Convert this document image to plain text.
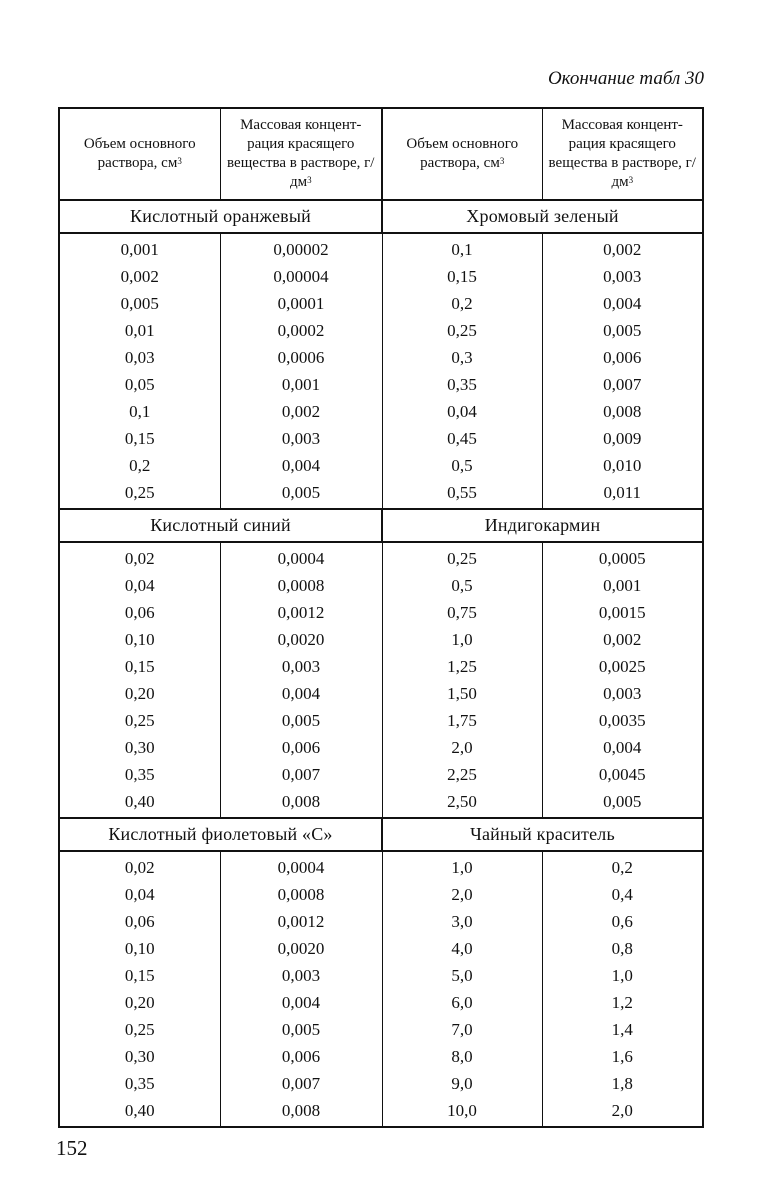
Окончание табл 30
Объем основного раствора, $см^3$	Массовая концент-рация красящего вещества в растворе, $г/дм^3$	Объем основного раствора, $см^3$	Массовая концент-рация красящего вещества в растворе, $г/дм^3$
Кислотный оранжевый		Хромовый зеленый	
0,001	0,00002	0,1	0,002
0,002	0,00004	0,15	0,003
0,005	0,0001	0,2	0,004
0,01	0,0002	0,25	0,005
0,03	0,0006	0,3	0,006
0,05	0,001	0,35	0,007
0,1	0,002	0,04	0,008
0,15	0,003	0,45	0,009
0,2	0,004	0,5	0,010
0,25	0,005	0,55	0,011
Кислотный синий		Индигокармин	
0,02	0,0004	0,25	0,0005
0,04	0,0008	0,5	0,001
0,06	0,0012	0,75	0,0015
0,10	0,0020	1,0	0,002
0,15	0,003	1,25	0,0025
0,20	0,004	1,50	0,003
0,25	0,005	1,75	0,0035
0,30	0,006	2,0	0,004
0,35	0,007	2,25	0,0045
0,40	0,008	2,50	0,005
Кислотный фиолетовый «С»		Чайный краситель	
0,02	0,0004	1,0	0,2
0,04	0,0008	2,0	0,4
0,06	0,0012	3,0	0,6
0,10	0,0020	4,0	0,8
0,15	0,003	5,0	1,0
0,20	0,004	6,0	1,2
0,25	0,005	7,0	1,4
0,30	0,006	8,0	1,6
0,35	0,007	9,0	1,8
0,40	0,008	10,0	2,0
152
